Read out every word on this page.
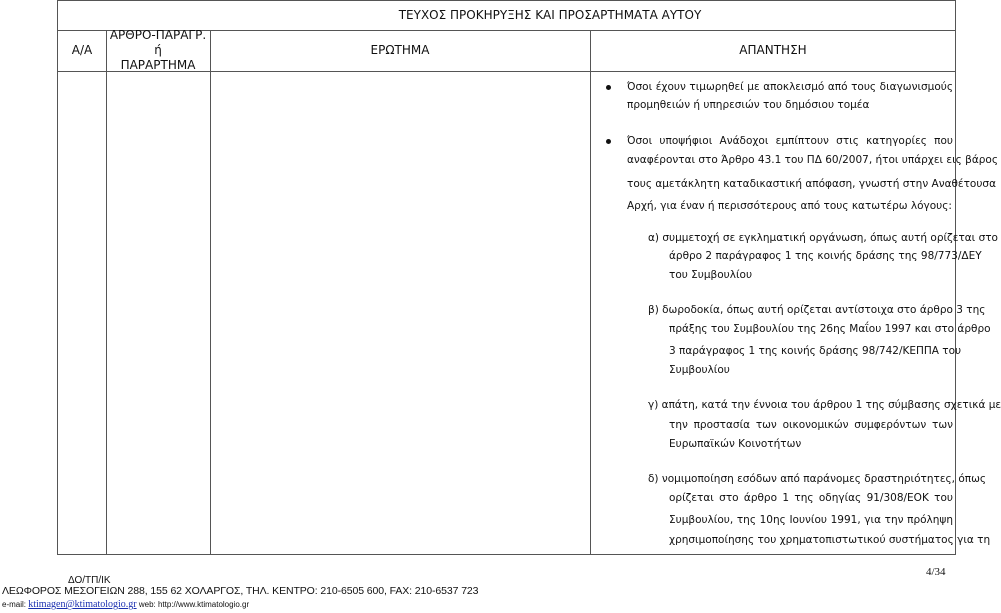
ΤΕΥΧΟΣ ΠΡΟΚΗΡΥΞΗΣ ΚΑΙ ΠΡΟΣΑΡΤΗΜΑΤΑ ΑΥΤΟΥ
Α/Α
ΑΡΘΡΟ-ΠΑΡΑΓΡ.
ή
ΠΑΡΑΡΤΗΜΑ
ΕΡΩΤΗΜΑ	ΑΠΑΝΤΗΣΗ
Όσοι έχουν τιμωρηθεί με αποκλεισμό από τους διαγωνισμούς
προμηθειών ή υπηρεσιών του δημόσιου τομέα
Όσοι υποψήφιοι Ανάδοχοι εμπίπτουν στις κατηγορίες που
αναφέρονται στο Άρθρο 43.1 του ΠΔ 60/2007, ήτοι υπάρχει εις βάρος
τους αμετάκλητη καταδικαστική απόφαση, γνωστή στην Αναθέτουσα
Αρχή, για έναν ή περισσότερους από τους κατωτέρω λόγους:
α) συμμετοχή σε εγκληματική οργάνωση, όπως αυτή ορίζεται στο
άρθρο 2 παράγραφος 1 της κοινής δράσης της 98/773/ΔΕΥ
του Συμβουλίου
β) δωροδοκία, όπως αυτή ορίζεται αντίστοιχα στο άρθρο 3 της
πράξης του Συμβουλίου της 26ης Μαΐου 1997 και στο άρθρο
3 παράγραφος 1 της κοινής δράσης 98/742/ΚΕΠΠΑ του
Συμβουλίου
γ) απάτη, κατά την έννοια του άρθρου 1 της σύμβασης σχετικά με
την προστασία των οικονομικών συμφερόντων των
Ευρωπαϊκών Κοινοτήτων
δ) νομιμοποίηση εσόδων από παράνομες δραστηριότητες, όπως
ορίζεται στο άρθρο 1 της οδηγίας 91/308/ΕΟΚ του
Συμβουλίου, της 10ης Ιουνίου 1991, για την πρόληψη
χρησιμοποίησης του χρηματοπιστωτικού συστήματος για τη
ΔΟ/ΤΠ/ΙΚ
ΛΕΩΦΟΡΟΣ ΜΕΣΟΓΕΙΩΝ 288, 155 62 ΧΟΛΑΡΓΟΣ, ΤΗΛ. ΚΕΝΤΡΟ: 210-6505 600, FAX: 210-6537 723
e-mail: ktimagen@ktimatologio.gr web: http://www.ktimatologio.gr
4/34
